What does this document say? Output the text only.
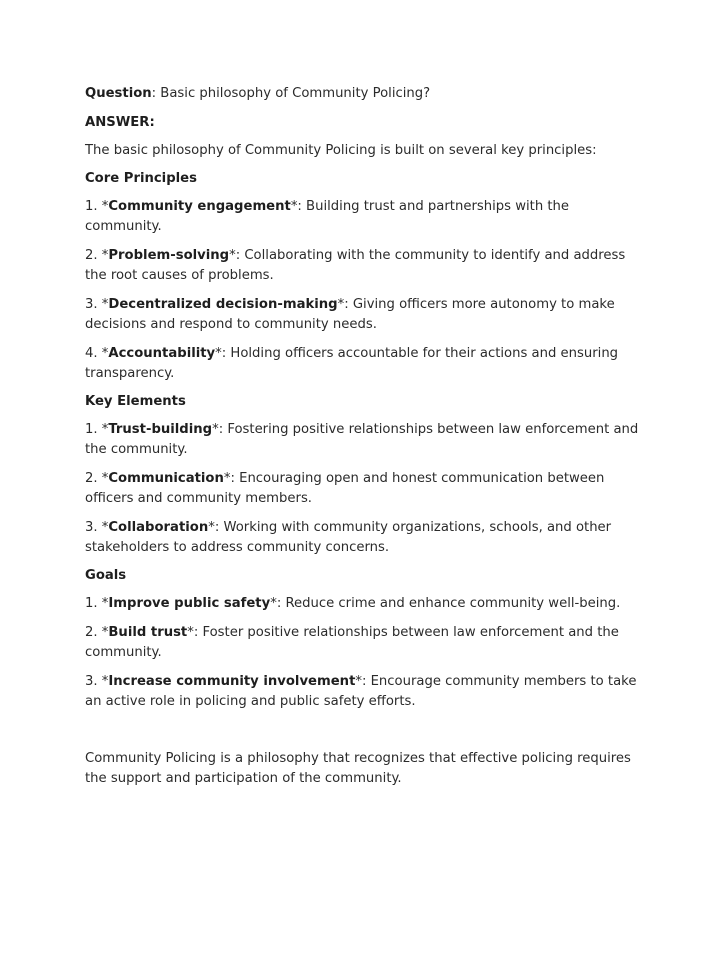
Question: Basic philosophy of Community Policing?

ANSWER:

The basic philosophy of Community Policing is built on several key principles:

Core Principles

1. *Community engagement*: Building trust and partnerships with the community.

2. *Problem-solving*: Collaborating with the community to identify and address the root causes of problems.

3. *Decentralized decision-making*: Giving officers more autonomy to make decisions and respond to community needs.

4. *Accountability*: Holding officers accountable for their actions and ensuring transparency.

Key Elements

1. *Trust-building*: Fostering positive relationships between law enforcement and the community.

2. *Communication*: Encouraging open and honest communication between officers and community members.

3. *Collaboration*: Working with community organizations, schools, and other stakeholders to address community concerns.

Goals

1. *Improve public safety*: Reduce crime and enhance community well-being.

2. *Build trust*: Foster positive relationships between law enforcement and the community.

3. *Increase community involvement*: Encourage community members to take an active role in policing and public safety efforts.

Community Policing is a philosophy that recognizes that effective policing requires the support and participation of the community.
